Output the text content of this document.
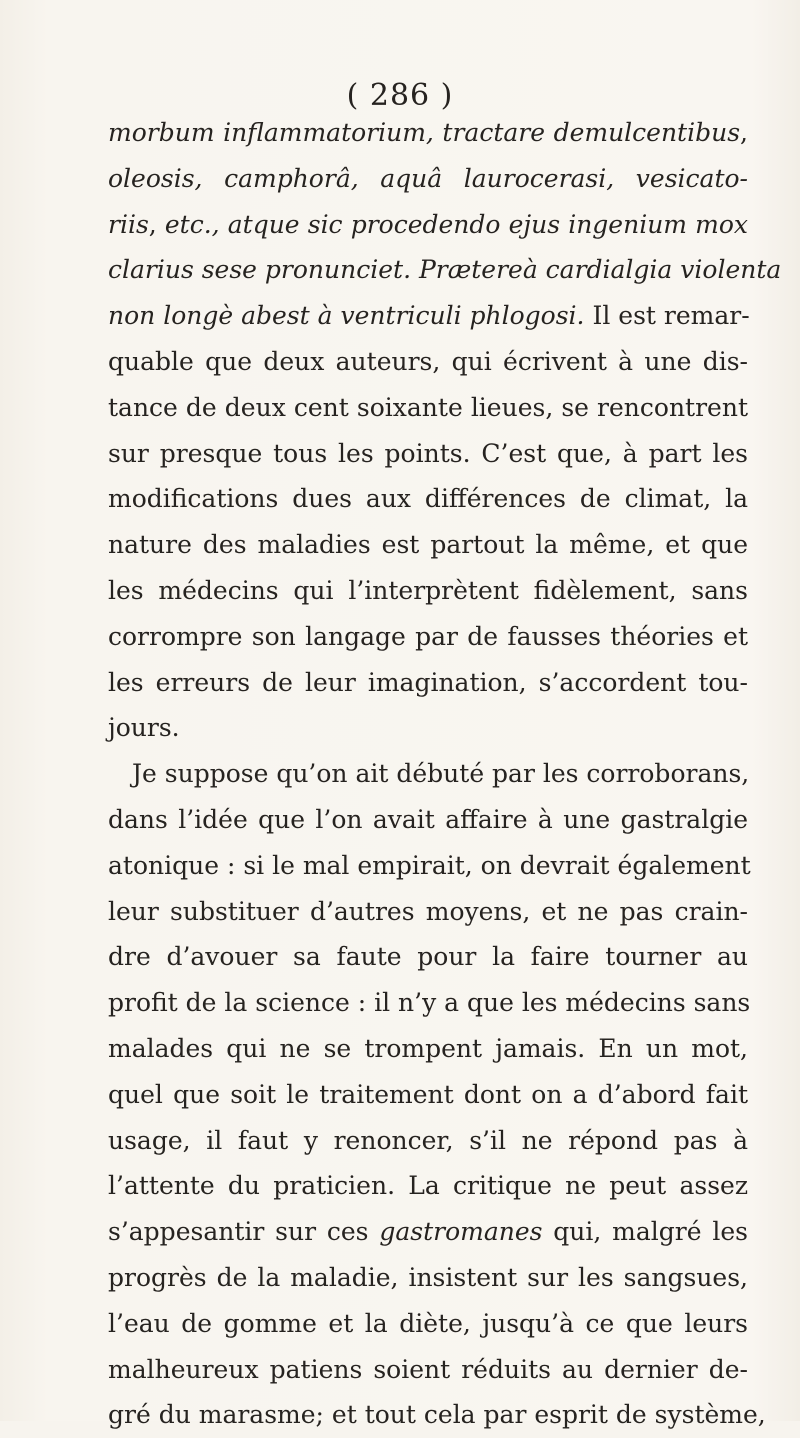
( 286 )
morbum inflammatorium, tractare demulcentibus,
oleosis, camphorâ, aquâ laurocerasi, vesicato-
riis, etc., atque sic procedendo ejus ingenium mox
clarius sese pronunciet. Prætereà cardialgia violenta
non longè abest à ventriculi phlogosi. Il est remar-
quable que deux auteurs, qui écrivent à une dis-
tance de deux cent soixante lieues, se rencontrent
sur presque tous les points. C’est que, à part les
modifications dues aux différences de climat, la
nature des maladies est partout la même, et que
les médecins qui l’interprètent fidèlement, sans
corrompre son langage par de fausses théories et
les erreurs de leur imagination, s’accordent tou-
jours.
Je suppose qu’on ait débuté par les corroborans,
dans l’idée que l’on avait affaire à une gastralgie
atonique : si le mal empirait, on devrait également
leur substituer d’autres moyens, et ne pas crain-
dre d’avouer sa faute pour la faire tourner au
profit de la science : il n’y a que les médecins sans
malades qui ne se trompent jamais. En un mot,
quel que soit le traitement dont on a d’abord fait
usage, il faut y renoncer, s’il ne répond pas à
l’attente du praticien. La critique ne peut assez
s’appesantir sur ces gastromanes qui, malgré les
progrès de la maladie, insistent sur les sangsues,
l’eau de gomme et la diète, jusqu’à ce que leurs
malheureux patiens soient réduits au dernier de-
gré du marasme; et tout cela par esprit de système,
